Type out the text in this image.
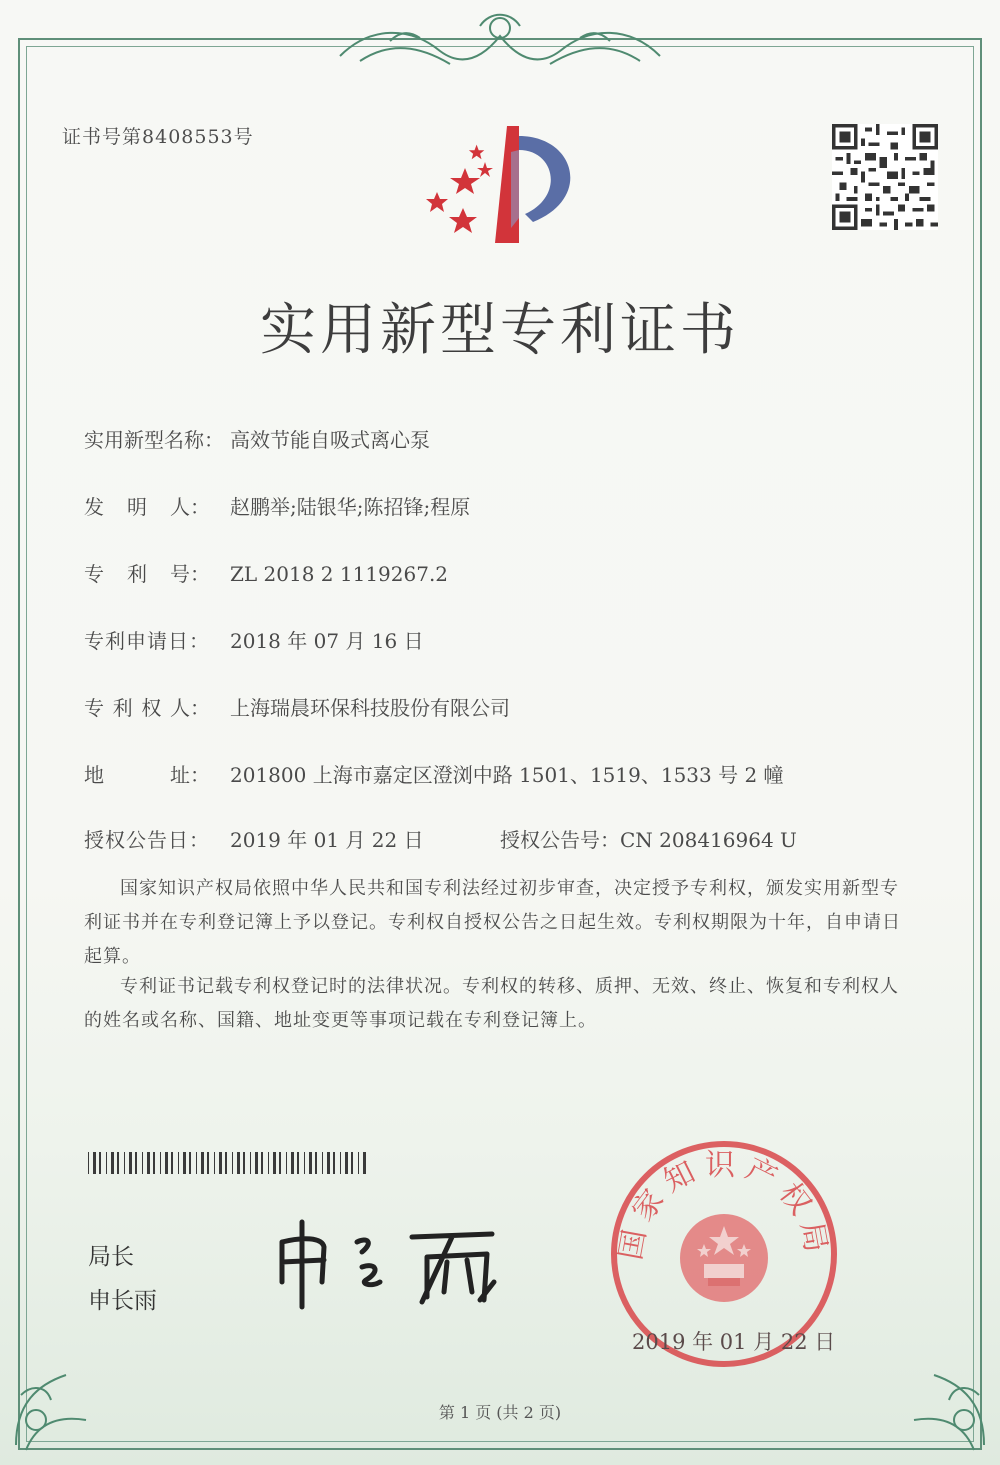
证书号第8408553号
实用新型专利证书
实用新型名称： 高效节能自吸式离心泵
发 明 人： 赵鹏举;陆银华;陈招锋;程原
专 利 号： ZL 2018 2 1119267.2
专利申请日： 2018 年 07 月 16 日
专 利 权 人： 上海瑞晨环保科技股份有限公司
地	址： 201800 上海市嘉定区澄浏中路 1501、1519、1533 号 2 幢
授权公告日： 2019 年 01 月 22 日	授权公告号：CN 208416964 U
国家知识产权局依照中华人民共和国专利法经过初步审查，决定授予专利权，颁发实用新型专利证书并在专利登记簿上予以登记。专利权自授权公告之日起生效。专利权期限为十年，自申请日起算。
专利证书记载专利权登记时的法律状况。专利权的转移、质押、无效、终止、恢复和专利权人的姓名或名称、国籍、地址变更等事项记载在专利登记簿上。
局长
申长雨
国家知识产权局
2019 年 01 月 22 日
第 1 页 (共 2 页)
